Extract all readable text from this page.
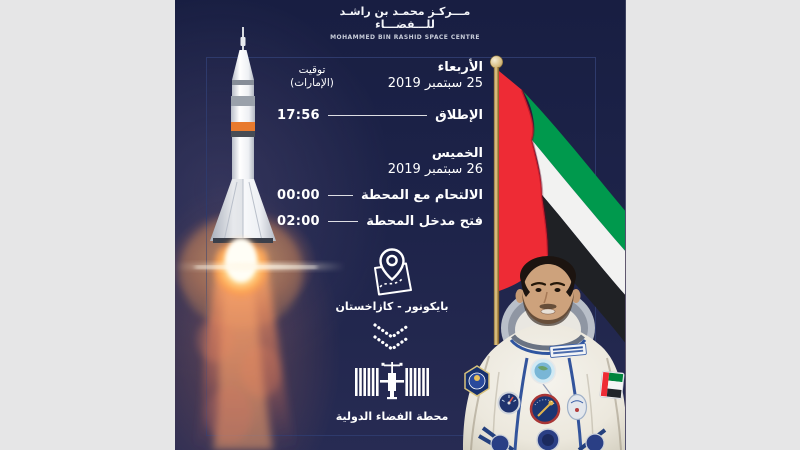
مـــركـز محمـد بن راشـد
للـــفضـــاء
MOHAMMED BIN RASHID SPACE CENTRE
توقيت
(الإمارات)
الأربعاء
25 سبتمبر 2019
الإطلاق
17:56
الخميس
26 سبتمبر 2019
الالتحام مع المحطة
00:00
فتح مدخل المحطة
02:00
بايكونور - كازاخستان
محطة الفضاء الدولية
